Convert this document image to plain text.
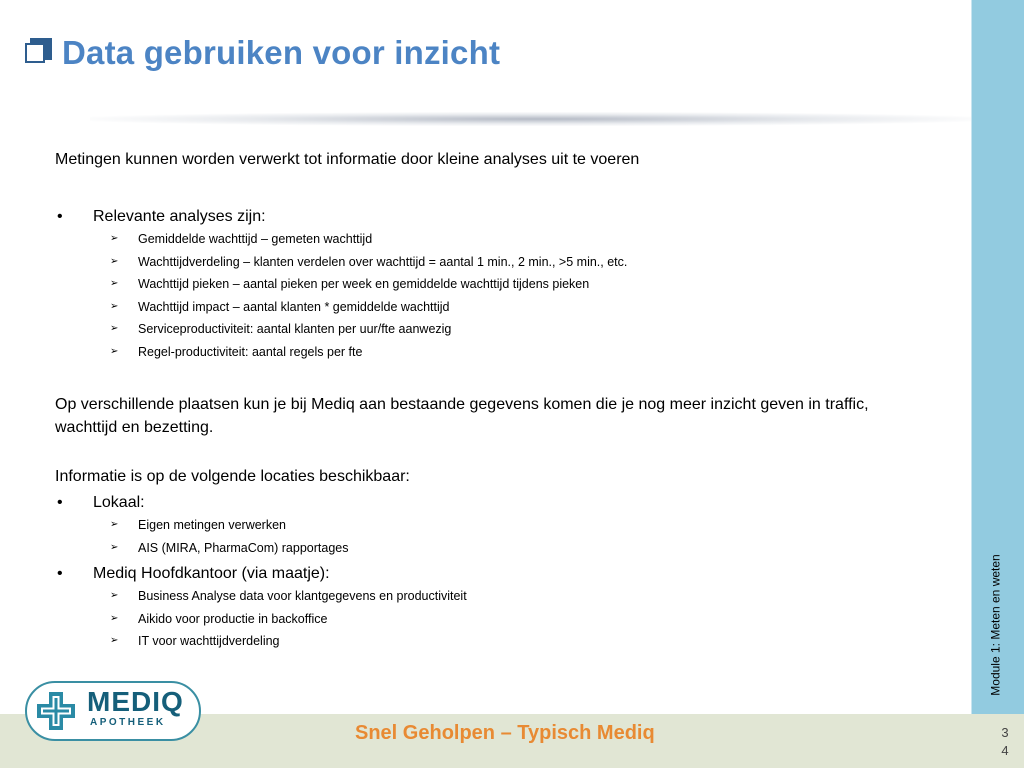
Data gebruiken voor inzicht
Module 1: Meten en weten

Metingen kunnen worden verwerkt tot informatie door kleine analyses uit te voeren

• Relevante analyses zijn:
➢ Gemiddelde wachttijd – gemeten wachttijd
➢ Wachttijdverdeling – klanten verdelen over wachttijd = aantal 1 min., 2 min., >5 min., etc.
➢ Wachttijd pieken – aantal pieken per week en gemiddelde wachttijd tijdens pieken
➢ Wachttijd impact – aantal klanten * gemiddelde wachttijd
➢ Serviceproductiviteit: aantal klanten per uur/fte aanwezig
➢ Regel-productiviteit: aantal regels per fte

Op verschillende plaatsen kun je bij Mediq aan bestaande gegevens komen die je nog meer inzicht geven in traffic, wachttijd en bezetting.

Informatie is op de volgende locaties beschikbaar:

• Lokaal:
➢ Eigen metingen verwerken
➢ AIS (MIRA, PharmaCom) rapportages
• Mediq Hoofdkantoor (via maatje):
➢ Business Analyse data voor klantgegevens en productiviteit
➢ Aikido voor productie in backoffice
➢ IT voor wachttijdverdeling
Snel Geholpen – Typisch Mediq	3
4
MEDIQ
APOTHEEK
